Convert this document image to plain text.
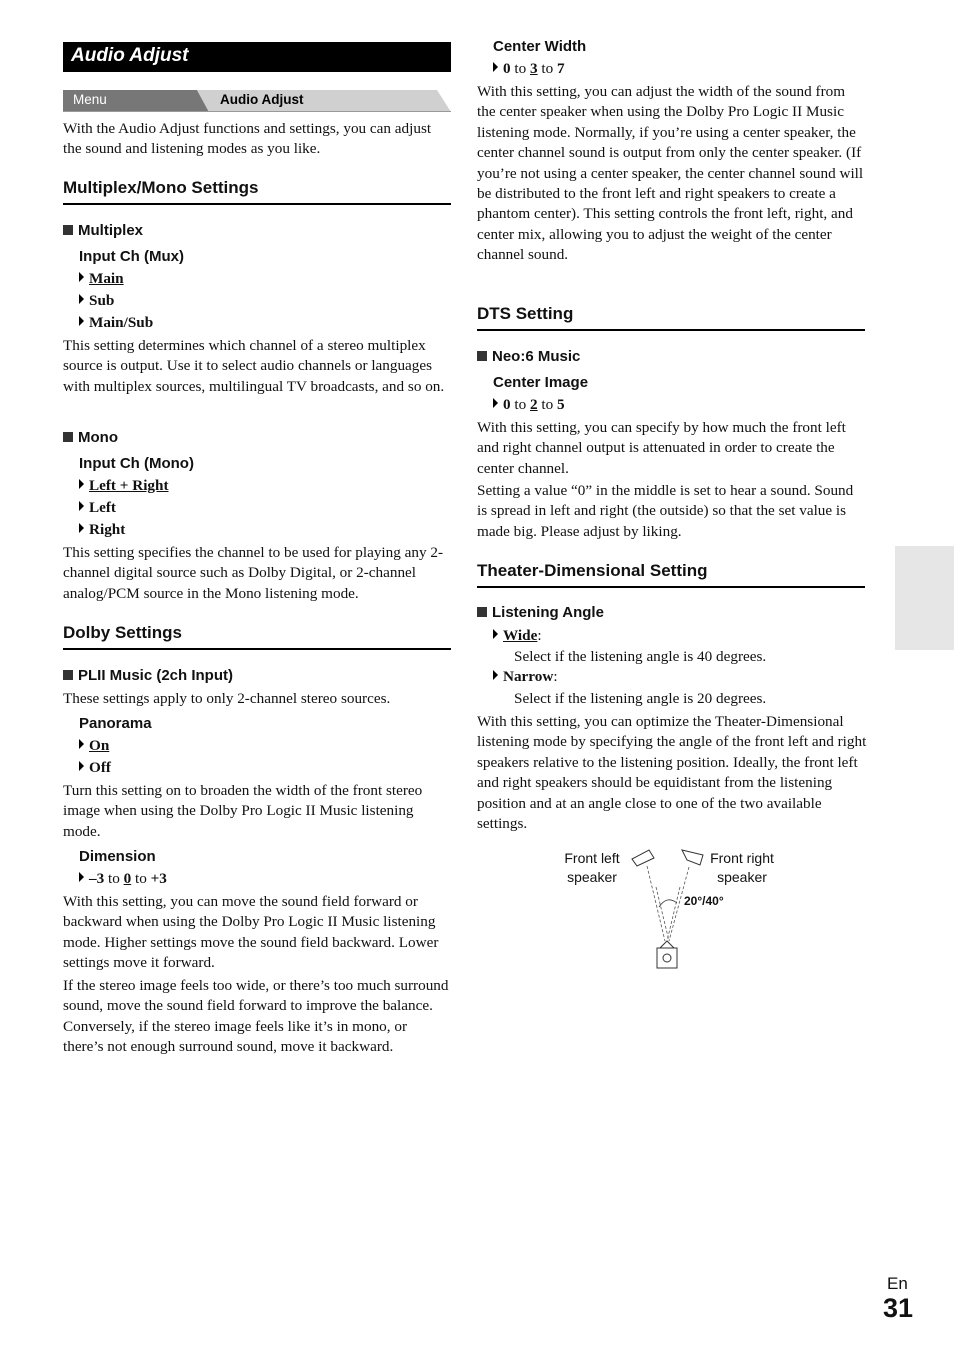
Audio Adjust
Menu	Audio Adjust

With the Audio Adjust functions and settings, you can adjust the sound and listening modes as you like.

Multiplex/Mono Settings
Multiplex
Input Ch (Mux)
Main
Sub
Main/Sub

This setting determines which channel of a stereo multiplex source is output. Use it to select audio channels or languages with multiplex sources, multilingual TV broadcasts, and so on.

Mono
Input Ch (Mono)
Left + Right
Left
Right

This setting specifies the channel to be used for playing any 2-channel digital source such as Dolby Digital, or 2-channel analog/PCM source in the Mono listening mode.

Dolby Settings
PLII Music (2ch Input)

These settings apply to only 2-channel stereo sources.

Panorama
On
Off

Turn this setting on to broaden the width of the front stereo image when using the Dolby Pro Logic II Music listening mode.

Dimension
–3 to 0 to +3

With this setting, you can move the sound field forward or backward when using the Dolby Pro Logic II Music listening mode. Higher settings move the sound field backward. Lower settings move it forward.

If the stereo image feels too wide, or there’s too much surround sound, move the sound field forward to improve the balance. Conversely, if the stereo image feels like it’s in mono, or there’s not enough surround sound, move it backward.

Center Width
0 to 3 to 7

With this setting, you can adjust the width of the sound from the center speaker when using the Dolby Pro Logic II Music listening mode. Normally, if you’re using a center speaker, the center channel sound is output from only the center speaker. (If you’re not using a center speaker, the center channel sound will be distributed to the front left and right speakers to create a phantom center). This setting controls the front left, right, and center mix, allowing you to adjust the weight of the center channel sound.

DTS Setting
Neo:6 Music
Center Image
0 to 2 to 5

With this setting, you can specify by how much the front left and right channel output is attenuated in order to create the center channel.

Setting a value “0” in the middle is set to hear a sound. Sound is spread in left and right (the outside) so that the set value is made big. Please adjust by liking.

Theater-Dimensional Setting
Listening Angle
Wide:

Select if the listening angle is 40 degrees.

Narrow:

Select if the listening angle is 20 degrees.

With this setting, you can optimize the Theater-Dimensional listening mode by specifying the angle of the front left and right speakers relative to the listening position. Ideally, the front left and right speakers should be equidistant from the listening position and at an angle close to one of the two available settings.

Front left speaker
Front right speaker
20°/40°
En
31
